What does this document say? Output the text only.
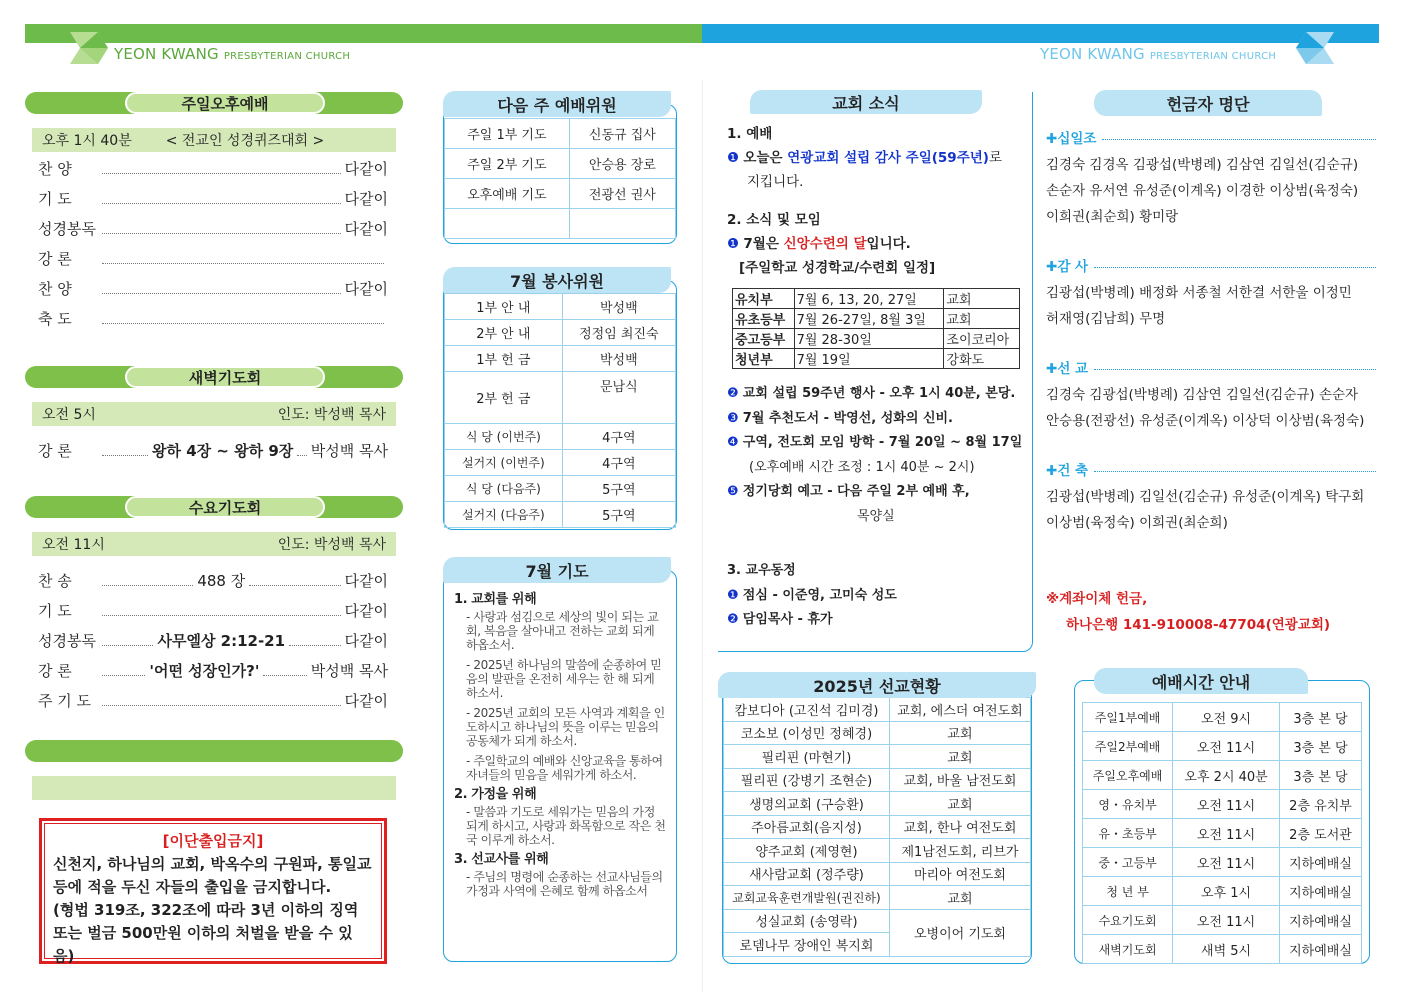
YEON KWANG PRESBYTERIAN CHURCH	YEON KWANG PRESBYTERIAN CHURCH
주일오후예배
오후 1시 40분 < 전교인 성경퀴즈대회 >
찬 양	다같이
기 도	다같이
성경봉독	다같이
강 론
찬 양	다같이
축 도
새벽기도회
오전 5시	인도: 박성백 목사
강 론	왕하 4장 ~ 왕하 9장 박성백 목사
수요기도회
오전 11시	인도: 박성백 목사
찬 송	488 장	다같이
기 도	다같이
성경봉독	사무엘상 2:12-21	다같이
강 론	'어떤 성장인가?'	박성백 목사
주 기 도	다같이
[이단출입금지]
신천지, 하나님의 교회, 박옥수의 구원파, 통일교 등에 적을 두신 자들의 출입을 금지합니다.
(형법 319조, 322조에 따라 3년 이하의 징역 또는 벌금 500만원 이하의 처벌을 받을 수 있음)
주일 1부 기도	신동규 집사
주일 2부 기도	안승용 장로
오후예배 기도	전광선 권사

다음 주 예배위원
1부 안 내	박성백
2부 안 내	정정임 최진숙
1부 헌 금	박성백
2부 헌 금	문남식
식 당 (이번주)	4구역
설거지 (이번주)	4구역
식 당 (다음주)	5구역
설거지 (다음주)	5구역
7월 봉사위원
1. 교회를 위해
- 사랑과 섬김으로 세상의 빛이 되는 교회, 복음을 살아내고 전하는 교회 되게 하옵소서.
- 2025년 하나님의 말씀에 순종하여 믿음의 발판을 온전히 세우는 한 해 되게 하소서.
- 2025년 교회의 모든 사역과 계획을 인도하시고 하나님의 뜻을 이루는 믿음의 공동체가 되게 하소서.
- 주일학교의 예배와 신앙교육을 통하여 자녀들의 믿음을 세워가게 하소서.
2. 가정을 위해
- 말씀과 기도로 세워가는 믿음의 가정 되게 하시고, 사랑과 화목함으로 작은 천국 이루게 하소서.
3. 선교사를 위해
- 주님의 명령에 순종하는 선교사님들의 가정과 사역에 은혜로 함께 하옵소서
7월 기도
교회 소식
1. 예배
❶ 오늘은 연광교회 설립 감사 주일(59주년)로
지킵니다.
2. 소식 및 모임
❶ 7월은 신앙수련의 달입니다.
[주일학교 성경학교/수련회 일정]
유치부	7월 6, 13, 20, 27일	교회
유초등부	7월 26-27일, 8월 3일	교회
중고등부	7월 28-30일	조이코리아
청년부	7월 19일	강화도
❷ 교회 설립 59주년 행사 - 오후 1시 40분, 본당.
❸ 7월 추천도서 - 박영선, 성화의 신비.
❹ 구역, 전도회 모임 방학 - 7월 20일 ~ 8월 17일
(오후예배 시간 조정 : 1시 40분 ~ 2시)
❺ 정기당회 예고 - 다음 주일 2부 예배 후,
목양실
3. 교우동정
❶ 점심 - 이준영, 고미숙 성도
❷ 담임목사 - 휴가
캄보디아 (고진석 김미경)	교회, 에스더 여전도회
코소보 (이성민 정혜경)	교회
필리핀 (마현기)	교회
필리핀 (강병기 조현순)	교회, 바울 남전도회
생명의교회 (구승환)	교회
주아름교회(음지성)	교회, 한나 여전도회
양주교회 (제영현)	제1남전도회, 리브가
새사람교회 (정주량)	마리아 여전도회
교회교육훈련개발원(권진하)	교회
성실교회 (송영락)	오병이어 기도회
로뎀나무 장애인 복지회	
2025년 선교현황
헌금자 명단
✚ 십일조
김경숙 김경옥 김광섭(박병례) 김삼연 김일선(김순규)
손순자 유서연 유성준(이계옥) 이경한 이상범(육정숙)
이희권(최순희) 황미랑
✚ 감 사
김광섭(박병례) 배정화 서종철 서한결 서한울 이정민
허재영(김남희) 무명
✚ 선 교
김경숙 김광섭(박병례) 김삼연 김일선(김순규) 손순자
안승용(전광선) 유성준(이계옥) 이상덕 이상범(육정숙)
✚ 건 축
김광섭(박병례) 김일선(김순규) 유성준(이계옥) 탁구회
이상범(육정숙) 이희권(최순희)
※계좌이체 헌금,
하나은행 141-910008-47704(연광교회)
주일1부예배	오전 9시	3층 본 당
주일2부예배	오전 11시	3층 본 당
주일오후예배	오후 2시 40분	3층 본 당
영・유치부	오전 11시	2층 유치부
유・초등부	오전 11시	2층 도서관
중・고등부	오전 11시	지하예배실
청 년 부	오후 1시	지하예배실
수요기도회	오전 11시	지하예배실
새벽기도회	새벽 5시	지하예배실
예배시간 안내
